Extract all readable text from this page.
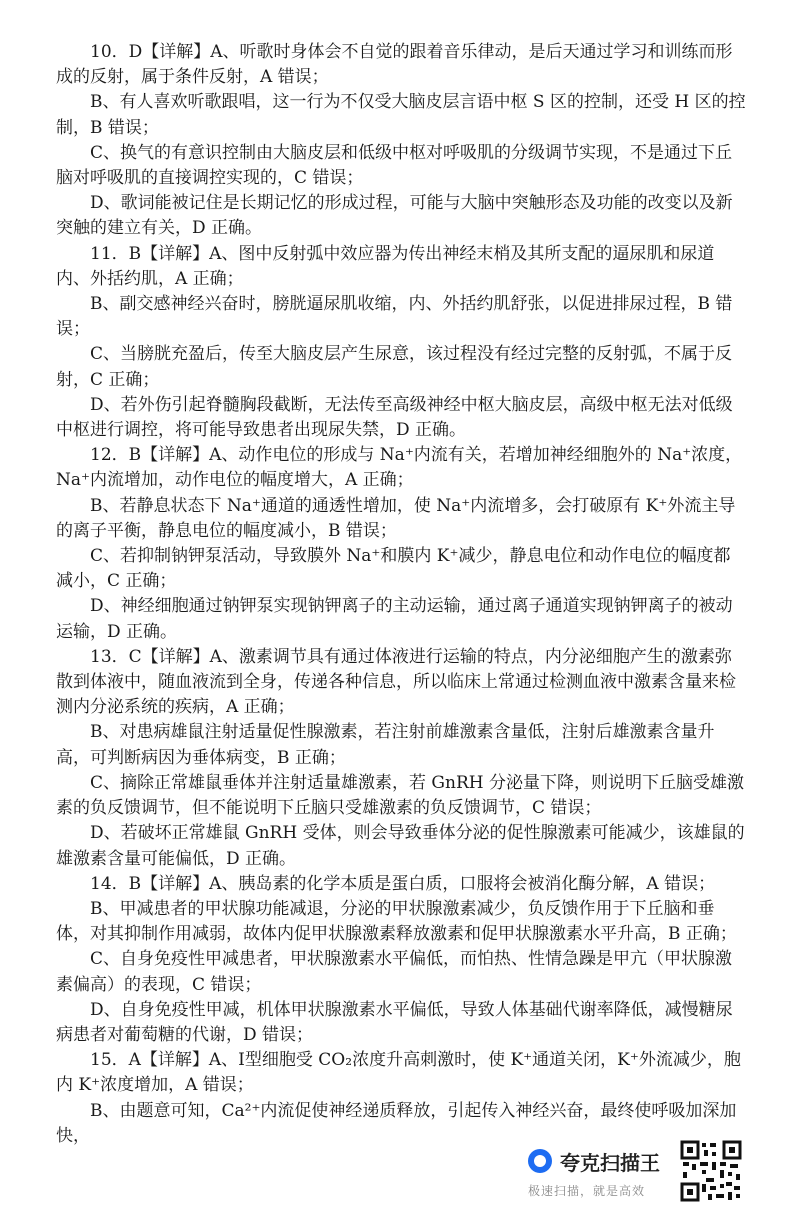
10．D【详解】A、听歌时身体会不自觉的跟着音乐律动，是后天通过学习和训练而形成的反射，属于条件反射，A 错误；

B、有人喜欢听歌跟唱，这一行为不仅受大脑皮层言语中枢 S 区的控制，还受 H 区的控制，B 错误；

C、换气的有意识控制由大脑皮层和低级中枢对呼吸肌的分级调节实现，不是通过下丘脑对呼吸肌的直接调控实现的，C 错误；

D、歌词能被记住是长期记忆的形成过程，可能与大脑中突触形态及功能的改变以及新突触的建立有关，D 正确。

11．B【详解】A、图中反射弧中效应器为传出神经末梢及其所支配的逼尿肌和尿道内、外括约肌，A 正确；

B、副交感神经兴奋时，膀胱逼尿肌收缩，内、外括约肌舒张，以促进排尿过程，B 错误；

C、当膀胱充盈后，传至大脑皮层产生尿意，该过程没有经过完整的反射弧，不属于反射，C 正确；

D、若外伤引起脊髓胸段截断，无法传至高级神经中枢大脑皮层，高级中枢无法对低级中枢进行调控，将可能导致患者出现尿失禁，D 正确。

12．B【详解】A、动作电位的形成与 Na⁺内流有关，若增加神经细胞外的 Na⁺浓度，Na⁺内流增加，动作电位的幅度增大，A 正确；

B、若静息状态下 Na⁺通道的通透性增加，使 Na⁺内流增多，会打破原有 K⁺外流主导的离子平衡，静息电位的幅度减小，B 错误；

C、若抑制钠钾泵活动，导致膜外 Na⁺和膜内 K⁺减少，静息电位和动作电位的幅度都减小，C 正确；

D、神经细胞通过钠钾泵实现钠钾离子的主动运输，通过离子通道实现钠钾离子的被动运输，D 正确。

13．C【详解】A、激素调节具有通过体液进行运输的特点，内分泌细胞产生的激素弥散到体液中，随血液流到全身，传递各种信息，所以临床上常通过检测血液中激素含量来检测内分泌系统的疾病，A 正确；

B、对患病雄鼠注射适量促性腺激素，若注射前雄激素含量低，注射后雄激素含量升高，可判断病因为垂体病变，B 正确；

C、摘除正常雄鼠垂体并注射适量雄激素，若 GnRH 分泌量下降，则说明下丘脑受雄激素的负反馈调节，但不能说明下丘脑只受雄激素的负反馈调节，C 错误；

D、若破坏正常雄鼠 GnRH 受体，则会导致垂体分泌的促性腺激素可能减少，该雄鼠的雄激素含量可能偏低，D 正确。

14．B【详解】A、胰岛素的化学本质是蛋白质，口服将会被消化酶分解，A 错误；

B、甲减患者的甲状腺功能减退，分泌的甲状腺激素减少，负反馈作用于下丘脑和垂体，对其抑制作用减弱，故体内促甲状腺激素释放激素和促甲状腺激素水平升高，B 正确；

C、自身免疫性甲减患者，甲状腺激素水平偏低，而怕热、性情急躁是甲亢（甲状腺激素偏高）的表现，C 错误；

D、自身免疫性甲减，机体甲状腺激素水平偏低，导致人体基础代谢率降低，减慢糖尿病患者对葡萄糖的代谢，D 错误；

15．A【详解】A、I型细胞受 CO₂浓度升高刺激时，使 K⁺通道关闭，K⁺外流减少，胞内 K⁺浓度增加，A 错误；

B、由题意可知，Ca²⁺内流促使神经递质释放，引起传入神经兴奋，最终使呼吸加深加快，

夸克扫描王
极速扫描，就是高效
